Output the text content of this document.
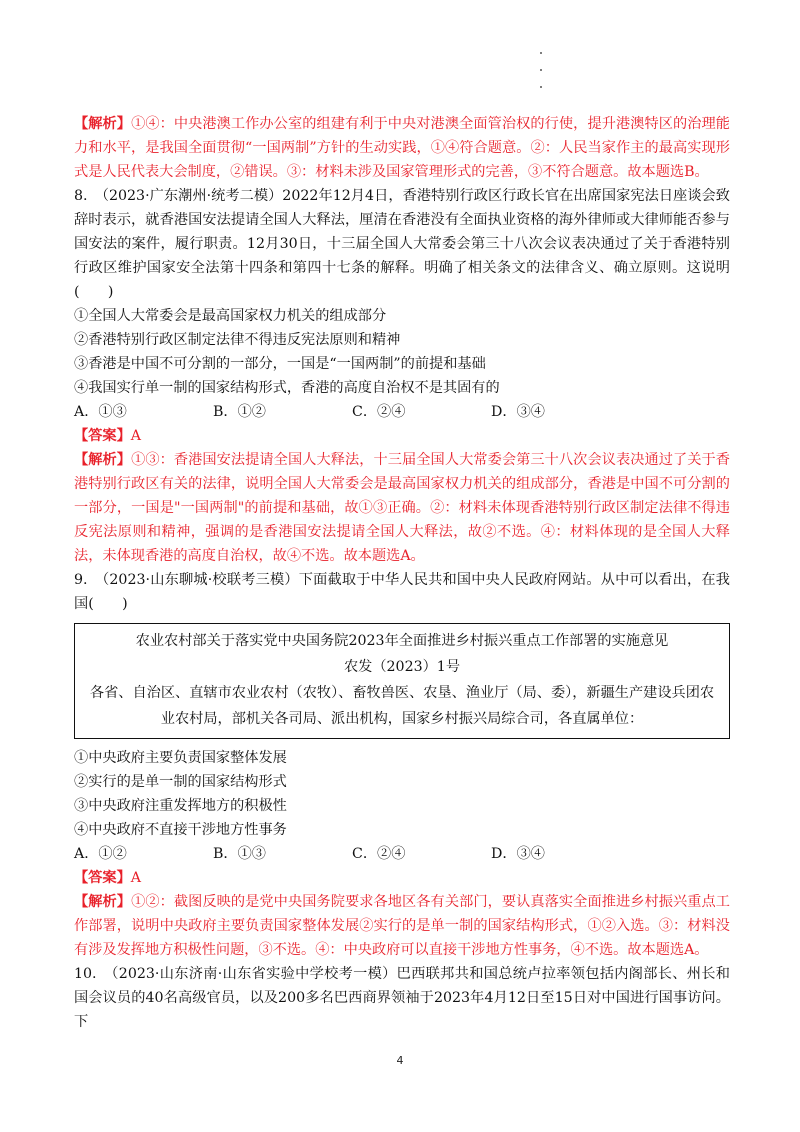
【解析】①④：中央港澳工作办公室的组建有利于中央对港澳全面管治权的行使，提升港澳特区的治理能力和水平，是我国全面贯彻“一国两制”方针的生动实践，①④符合题意。②：人民当家作主的最高实现形式是人民代表大会制度，②错误。③：材料未涉及国家管理形式的完善，③不符合题意。故本题选B。

8.　（2023·广东潮州·统考二模）2022年12月4日，香港特别行政区行政长官在出席国家宪法日座谈会致辞时表示，就香港国安法提请全国人大释法，厘清在香港没有全面执业资格的海外律师或大律师能否参与国安法的案件，履行职责。12月30日，十三届全国人大常委会第三十八次会议表决通过了关于香港特别行政区维护国家安全法第十四条和第四十七条的解释。明确了相关条文的法律含义、确立原则。这说明(　　)

①全国人大常委会是最高国家权力机关的组成部分

②香港特别行政区制定法律不得违反宪法原则和精神

③香港是中国不可分割的一部分，一国是“一国两制”的前提和基础

④我国实行单一制的国家结构形式，香港的高度自治权不是其固有的

A．①③	B．①②	C．②④	D．③④

【答案】A

【解析】①③：香港国安法提请全国人大释法，十三届全国人大常委会第三十八次会议表决通过了关于香港特别行政区有关的法律，说明全国人大常委会是最高国家权力机关的组成部分，香港是中国不可分割的一部分，一国是"一国两制"的前提和基础，故①③正确。②：材料未体现香港特别行政区制定法律不得违反宪法原则和精神，强调的是香港国安法提请全国人大释法，故②不选。④：材料体现的是全国人大释法，未体现香港的高度自治权，故④不选。故本题选A。

9.　（2023·山东聊城·校联考三模）下面截取于中华人民共和国中央人民政府网站。从中可以看出，在我国(　　)

农业农村部关于落实党中央国务院2023年全面推进乡村振兴重点工作部署的实施意见
农发（2023）1号
各省、自治区、直辖市农业农村（农牧）、畜牧兽医、农垦、渔业厅（局、委），新疆生产建设兵团农业农村局，部机关各司局、派出机构，国家乡村振兴局综合司，各直属单位：

①中央政府主要负责国家整体发展

②实行的是单一制的国家结构形式

③中央政府注重发挥地方的积极性

④中央政府不直接干涉地方性事务

A．①②	B．①③	C．②④	D．③④

【答案】A

【解析】①②：截图反映的是党中央国务院要求各地区各有关部门，要认真落实全面推进乡村振兴重点工作部署，说明中央政府主要负责国家整体发展②实行的是单一制的国家结构形式，①②入选。③：材料没有涉及发挥地方积极性问题，③不选。④：中央政府可以直接干涉地方性事务，④不选。故本题选A。

10.　（2023·山东济南·山东省实验中学校考一模）巴西联邦共和国总统卢拉率领包括内阁部长、州长和国会议员的40名高级官员，以及200多名巴西商界领袖于2023年4月12日至15日对中国进行国事访问。下

4
